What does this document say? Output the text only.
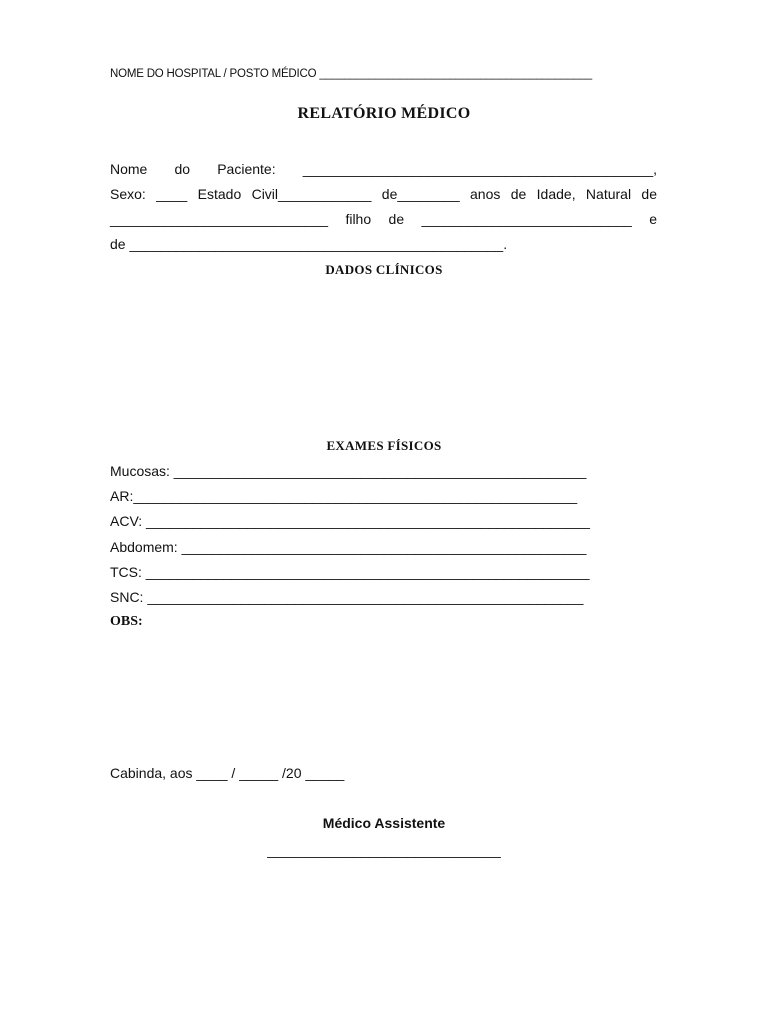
NOME DO HOSPITAL / POSTO MÉDICO ____________________________________________
RELATÓRIO MÉDICO
Nome do Paciente: _____________________________________________,
Sexo: ____ Estado Civil____________ de________ anos de Idade, Natural de
____________________________ filho de ___________________________ e
de ________________________________________________.
DADOS CLÍNICOS
________________________________________________________________
________________________________________________________________
________________________________________________________________
________________________________________________________________
________________________________________________________________
________________________________________________________________
EXAMES FÍSICOS
Mucosas: _____________________________________________________
AR:_________________________________________________________
ACV: _________________________________________________________
Abdomem: ____________________________________________________
TCS: _________________________________________________________
SNC: ________________________________________________________
OBS:
Cabinda, aos ____ / _____ /20 _____
Médico Assistente
______________________________
